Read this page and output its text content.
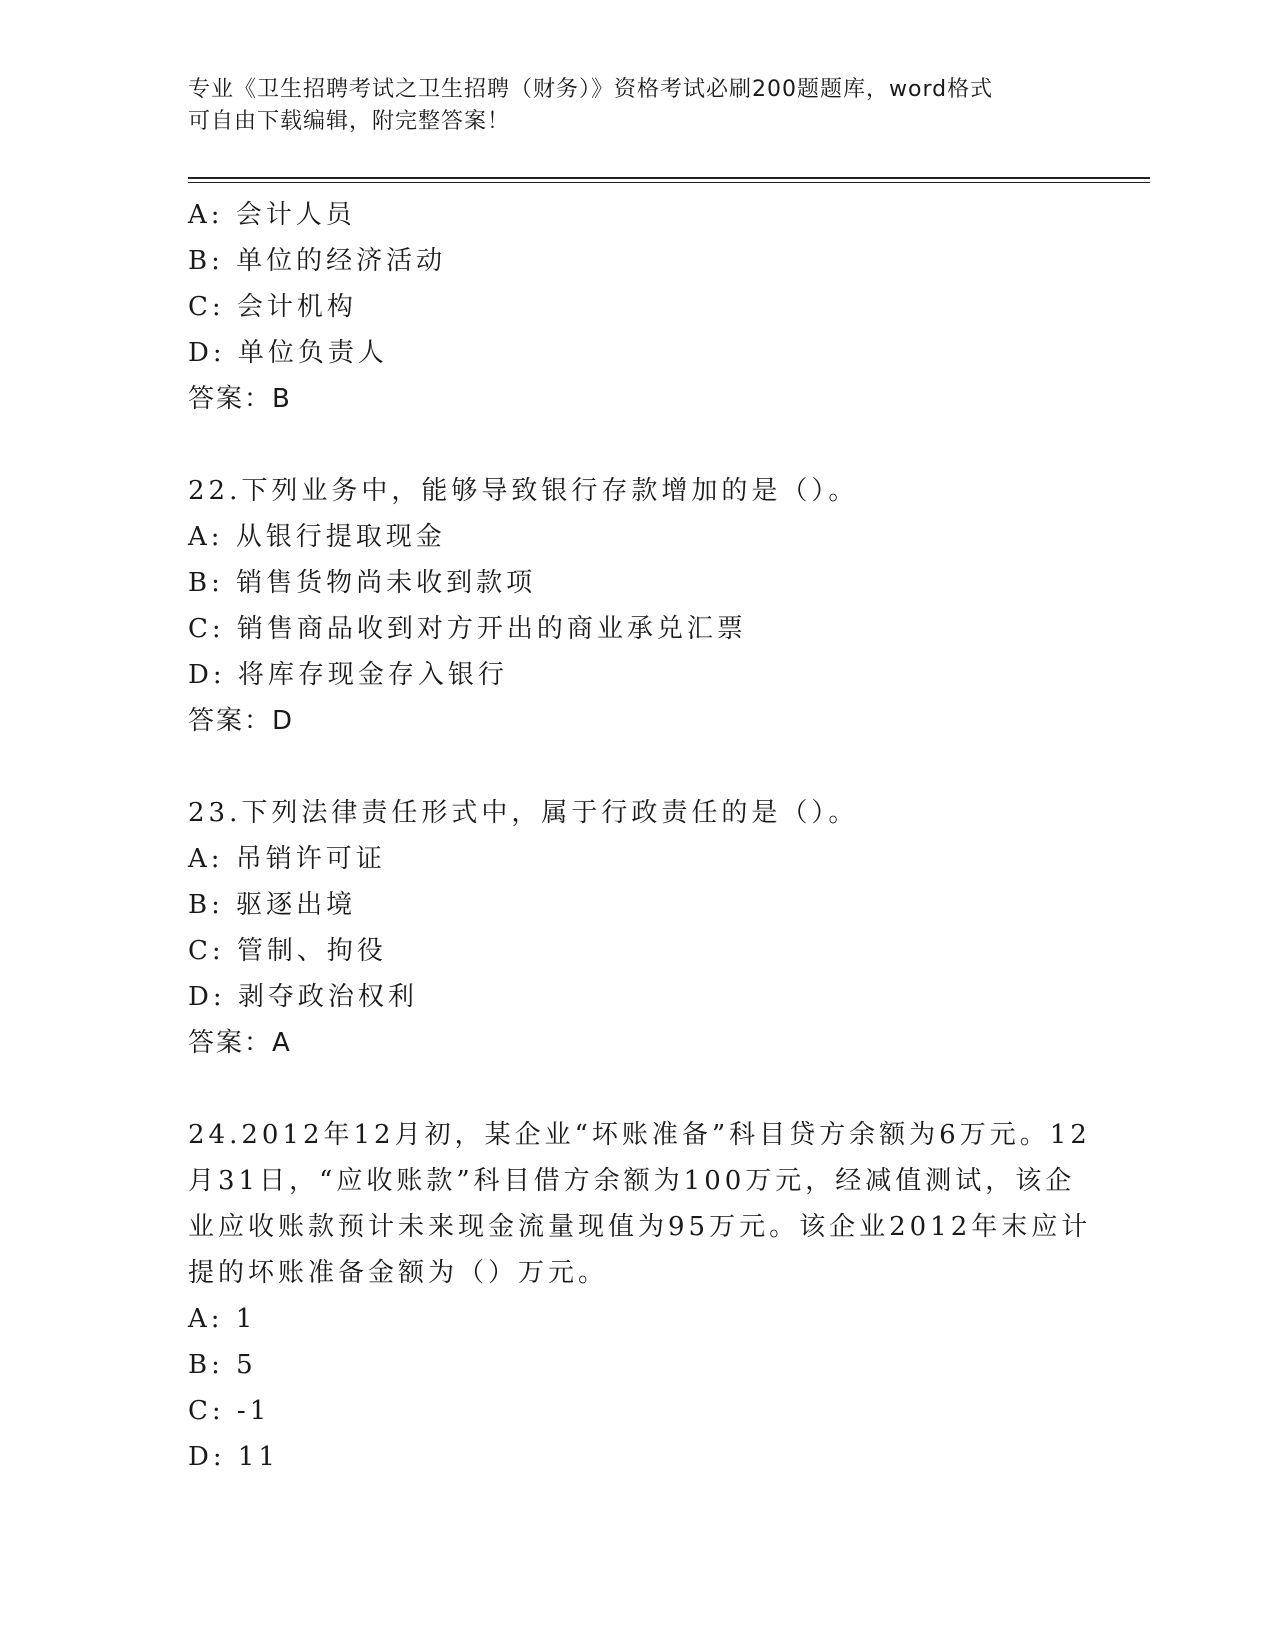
专业《卫生招聘考试之卫生招聘（财务）》资格考试必刷200题题库，word格式
可自由下载编辑，附完整答案！
A: 会计人员
B: 单位的经济活动
C: 会计机构
D: 单位负责人
答案：B
22.下列业务中，能够导致银行存款增加的是（）。
A: 从银行提取现金
B: 销售货物尚未收到款项
C: 销售商品收到对方开出的商业承兑汇票
D: 将库存现金存入银行
答案：D
23.下列法律责任形式中，属于行政责任的是（）。
A: 吊销许可证
B: 驱逐出境
C: 管制、拘役
D: 剥夺政治权利
答案：A
24.2012年12月初，某企业“坏账准备”科目贷方余额为6万元。12
月31日，“应收账款”科目借方余额为100万元，经减值测试，该企
业应收账款预计未来现金流量现值为95万元。该企业2012年末应计
提的坏账准备金额为（）万元。
A: 1
B: 5
C: -1
D: 11
